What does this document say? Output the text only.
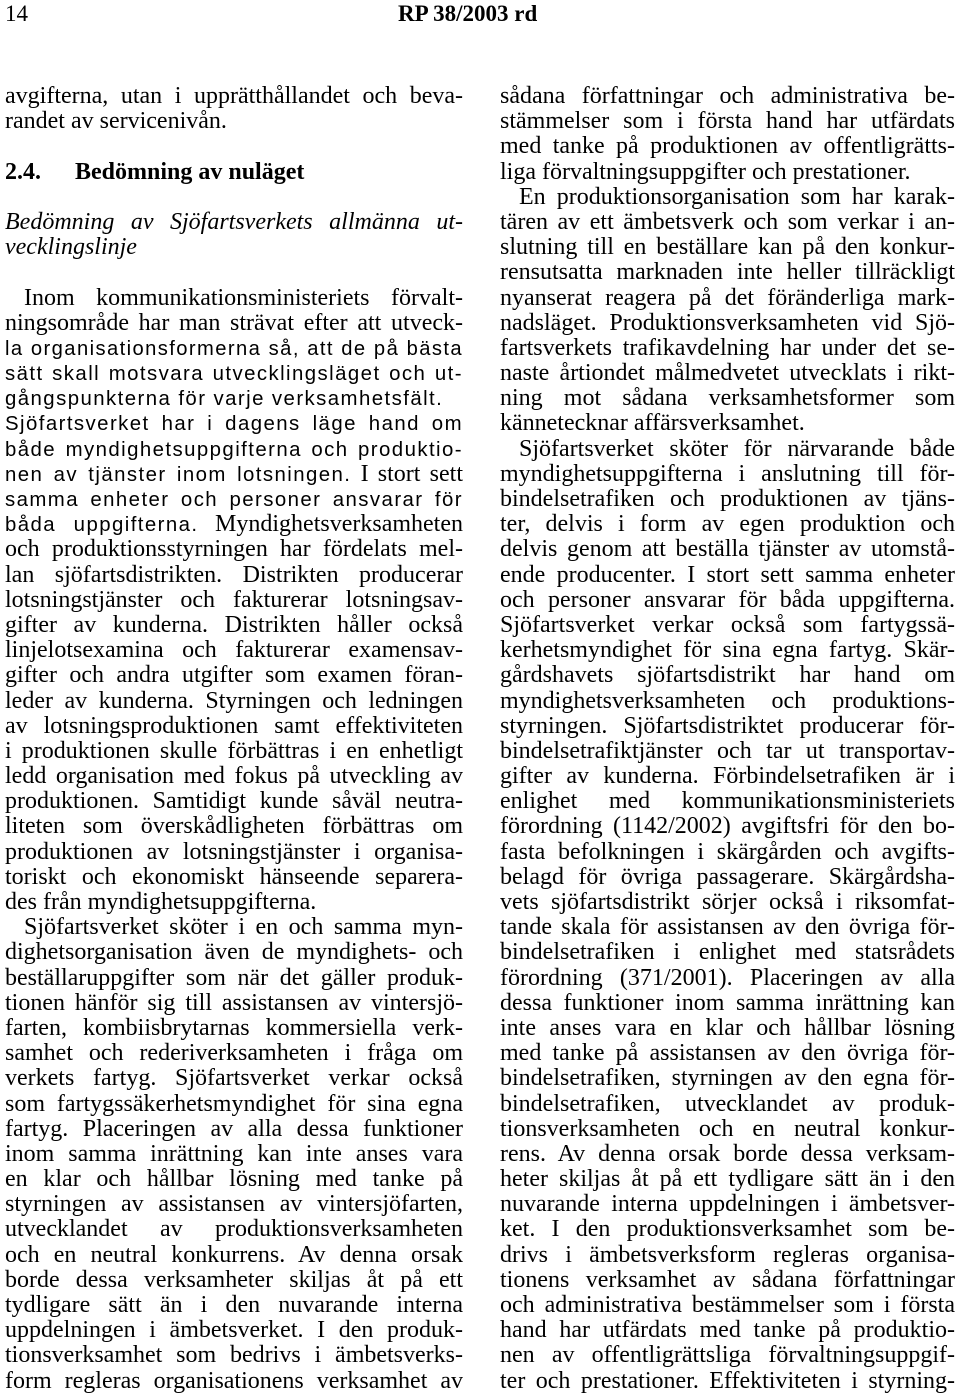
14	RP 38/2003 rd
avgifterna, utan i upprätthållandet och beva-
randet av servicenivån.
2.4.	Bedömning av nuläget
Bedömning av Sjöfartsverkets allmänna ut-
vecklingslinje
Inom kommunikationsministeriets förvalt-
ningsområde har man strävat efter att utveck-
la organisationsformerna så, att de på bästa
sätt skall motsvara utvecklingsläget och ut-
gångspunkterna för varje verksamhetsfält.
Sjöfartsverket har i dagens läge hand om
både myndighetsuppgifterna och produktio-
nen av tjänster inom lotsningen. I stort sett
samma enheter och personer ansvarar för
båda uppgifterna. Myndighetsverksamheten
och produktionsstyrningen har fördelats mel-
lan sjöfartsdistrikten. Distrikten producerar
lotsningstjänster och fakturerar lotsningsav-
gifter av kunderna. Distrikten håller också
linjelotsexamina och fakturerar examensav-
gifter och andra utgifter som examen föran-
leder av kunderna. Styrningen och ledningen
av lotsningsproduktionen samt effektiviteten
i produktionen skulle förbättras i en enhetligt
ledd organisation med fokus på utveckling av
produktionen. Samtidigt kunde såväl neutra-
liteten som överskådligheten förbättras om
produktionen av lotsningstjänster i organisa-
toriskt och ekonomiskt hänseende separera-
des från myndighetsuppgifterna.
Sjöfartsverket sköter i en och samma myn-
dighetsorganisation även de myndighets- och
beställaruppgifter som när det gäller produk-
tionen hänför sig till assistansen av vintersjö-
farten, kombiisbrytarnas kommersiella verk-
samhet och rederiverksamheten i fråga om
verkets fartyg. Sjöfartsverket verkar också
som fartygssäkerhetsmyndighet för sina egna
fartyg. Placeringen av alla dessa funktioner
inom samma inrättning kan inte anses vara
en klar och hållbar lösning med tanke på
styrningen av assistansen av vintersjöfarten,
utvecklandet av produktionsverksamheten
och en neutral konkurrens. Av denna orsak
borde dessa verksamheter skiljas åt på ett
tydligare sätt än i den nuvarande interna
uppdelningen i ämbetsverket. I den produk-
tionsverksamhet som bedrivs i ämbetsverks-
form regleras organisationens verksamhet av
sådana författningar och administrativa be-
stämmelser som i första hand har utfärdats
med tanke på produktionen av offentligrätts-
liga förvaltningsuppgifter och prestationer.
En produktionsorganisation som har karak-
tären av ett ämbetsverk och som verkar i an-
slutning till en beställare kan på den konkur-
rensutsatta marknaden inte heller tillräckligt
nyanserat reagera på det föränderliga mark-
nadsläget. Produktionsverksamheten vid Sjö-
fartsverkets trafikavdelning har under det se-
naste årtiondet målmedvetet utvecklats i rikt-
ning mot sådana verksamhetsformer som
kännetecknar affärsverksamhet.
Sjöfartsverket sköter för närvarande både
myndighetsuppgifterna i anslutning till för-
bindelsetrafiken och produktionen av tjäns-
ter, delvis i form av egen produktion och
delvis genom att beställa tjänster av utomstå-
ende producenter. I stort sett samma enheter
och personer ansvarar för båda uppgifterna.
Sjöfartsverket verkar också som fartygssä-
kerhetsmyndighet för sina egna fartyg. Skär-
gårdshavets sjöfartsdistrikt har hand om
myndighetsverksamheten och produktions-
styrningen. Sjöfartsdistriktet producerar för-
bindelsetrafiktjänster och tar ut transportav-
gifter av kunderna. Förbindelsetrafiken är i
enlighet med kommunikationsministeriets
förordning (1142/2002) avgiftsfri för den bo-
fasta befolkningen i skärgården och avgifts-
belagd för övriga passagerare. Skärgårdsha-
vets sjöfartsdistrikt sörjer också i riksomfat-
tande skala för assistansen av den övriga för-
bindelsetrafiken i enlighet med statsrådets
förordning (371/2001). Placeringen av alla
dessa funktioner inom samma inrättning kan
inte anses vara en klar och hållbar lösning
med tanke på assistansen av den övriga för-
bindelsetrafiken, styrningen av den egna för-
bindelsetrafiken, utvecklandet av produk-
tionsverksamheten och en neutral konkur-
rens. Av denna orsak borde dessa verksam-
heter skiljas åt på ett tydligare sätt än i den
nuvarande interna uppdelningen i ämbetsver-
ket. I den produktionsverksamhet som be-
drivs i ämbetsverksform regleras organisa-
tionens verksamhet av sådana författningar
och administrativa bestämmelser som i första
hand har utfärdats med tanke på produktio-
nen av offentligrättsliga förvaltningsuppgif-
ter och prestationer. Effektiviteten i styrning-
